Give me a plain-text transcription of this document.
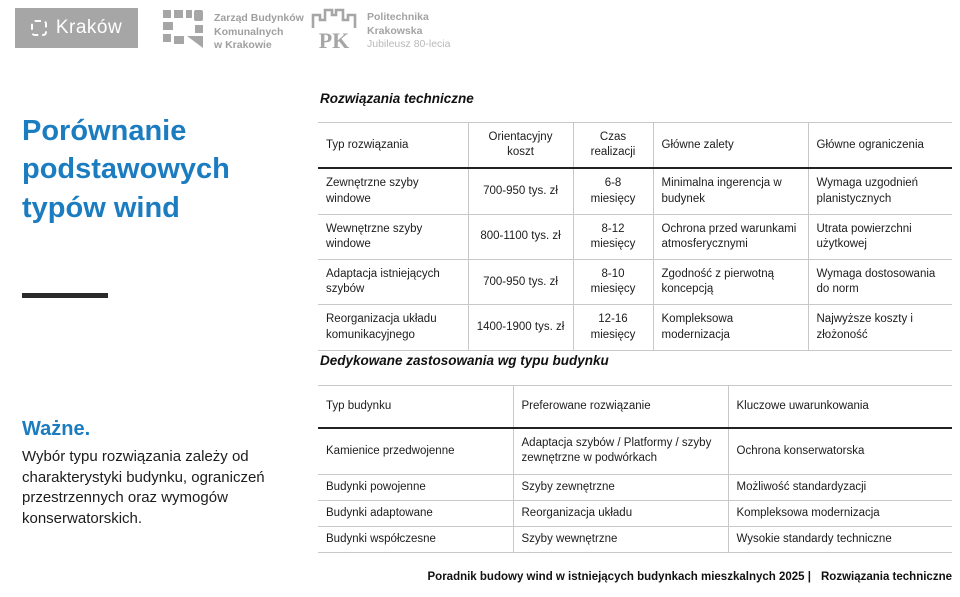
Kraków	Zarząd Budynków
Komunalnych
w Krakowie	PK
Politechnika
Krakowska
Jubileusz 80-lecia
Porównanie podstawowych typów wind
Ważne.

Wybór typu rozwiązania zależy od charakterystyki budynku, ograniczeń przestrzennych oraz wymogów konserwatorskich.

Rozwiązania techniczne
Typ rozwiązania	Orientacyjny koszt	Czas realizacji	Główne zalety	Główne ograniczenia
Zewnętrzne szyby windowe	700-950 tys. zł	6-8 miesięcy	Minimalna ingerencja w budynek	Wymaga uzgodnień planistycznych
Wewnętrzne szyby windowe	800-1100 tys. zł	8-12 miesięcy	Ochrona przed warunkami atmosferycznymi	Utrata powierzchni użytkowej
Adaptacja istniejących szybów	700-950 tys. zł	8-10 miesięcy	Zgodność z pierwotną koncepcją	Wymaga dostosowania do norm
Reorganizacja układu komunikacyjnego	1400-1900 tys. zł	12-16 miesięcy	Kompleksowa modernizacja	Najwyższe koszty i złożoność
Dedykowane zastosowania wg typu budynku
Typ budynku	Preferowane rozwiązanie	Kluczowe uwarunkowania
Kamienice przedwojenne	Adaptacja szybów / Platformy / szyby zewnętrzne w podwórkach	Ochrona konserwatorska
Budynki powojenne	Szyby zewnętrzne	Możliwość standardyzacji
Budynki adaptowane	Reorganizacja układu	Kompleksowa modernizacja
Budynki współczesne	Szyby wewnętrzne	Wysokie standardy techniczne
Poradnik budowy wind w istniejących budynkach mieszkalnych 2025 | Rozwiązania techniczne
